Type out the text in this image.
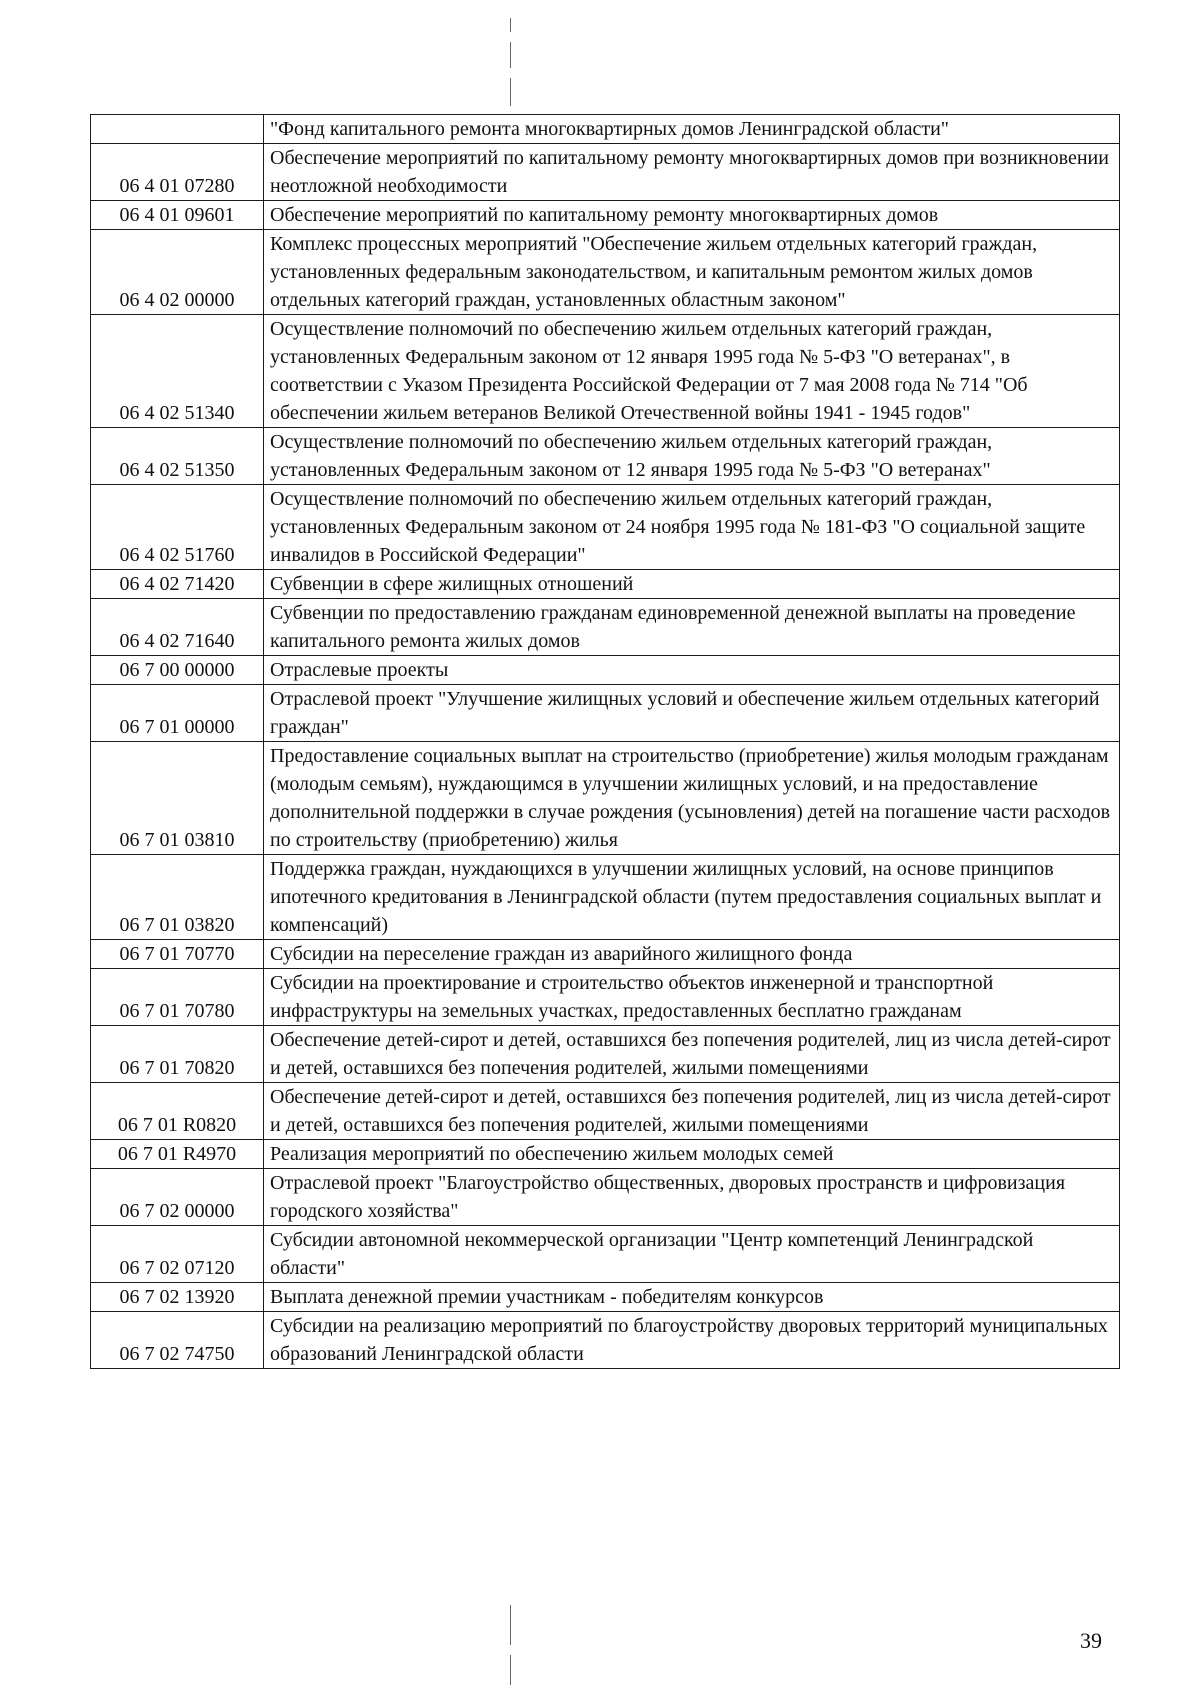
	"Фонд капитального ремонта многоквартирных домов Ленинградской области"
06 4 01 07280	Обеспечение мероприятий по капитальному ремонту многоквартирных домов при возникновении неотложной необходимости
06 4 01 09601	Обеспечение мероприятий по капитальному ремонту многоквартирных домов
06 4 02 00000	Комплекс процессных мероприятий "Обеспечение жильем отдельных категорий граждан, установленных федеральным законодательством, и капитальным ремонтом жилых домов отдельных категорий граждан, установленных областным законом"
06 4 02 51340	Осуществление полномочий по обеспечению жильем отдельных категорий граждан, установленных Федеральным законом от 12 января 1995 года № 5-ФЗ "О ветеранах", в соответствии с Указом Президента Российской Федерации от 7 мая 2008 года № 714 "Об обеспечении жильем ветеранов Великой Отечественной войны 1941 - 1945 годов"
06 4 02 51350	Осуществление полномочий по обеспечению жильем отдельных категорий граждан, установленных Федеральным законом от 12 января 1995 года № 5-ФЗ "О ветеранах"
06 4 02 51760	Осуществление полномочий по обеспечению жильем отдельных категорий граждан, установленных Федеральным законом от 24 ноября 1995 года № 181-ФЗ "О социальной защите инвалидов в Российской Федерации"
06 4 02 71420	Субвенции в сфере жилищных отношений
06 4 02 71640	Субвенции по предоставлению гражданам единовременной денежной выплаты на проведение капитального ремонта жилых домов
06 7 00 00000	Отраслевые проекты
06 7 01 00000	Отраслевой проект "Улучшение жилищных условий и обеспечение жильем отдельных категорий граждан"
06 7 01 03810	Предоставление социальных выплат на строительство (приобретение) жилья молодым гражданам (молодым семьям), нуждающимся в улучшении жилищных условий, и на предоставление дополнительной поддержки в случае рождения (усыновления) детей на погашение части расходов по строительству (приобретению) жилья
06 7 01 03820	Поддержка граждан, нуждающихся в улучшении жилищных условий, на основе принципов ипотечного кредитования в Ленинградской области (путем предоставления социальных выплат и компенсаций)
06 7 01 70770	Субсидии на переселение граждан из аварийного жилищного фонда
06 7 01 70780	Субсидии на проектирование и строительство объектов инженерной и транспортной инфраструктуры на земельных участках, предоставленных бесплатно гражданам
06 7 01 70820	Обеспечение детей-сирот и детей, оставшихся без попечения родителей, лиц из числа детей-сирот и детей, оставшихся без попечения родителей, жилыми помещениями
06 7 01 R0820	Обеспечение детей-сирот и детей, оставшихся без попечения родителей, лиц из числа детей-сирот и детей, оставшихся без попечения родителей, жилыми помещениями
06 7 01 R4970	Реализация мероприятий по обеспечению жильем молодых семей
06 7 02 00000	Отраслевой проект "Благоустройство общественных, дворовых пространств и цифровизация городского хозяйства"
06 7 02 07120	Субсидии автономной некоммерческой организации "Центр компетенций Ленинградской области"
06 7 02 13920	Выплата денежной премии участникам - победителям конкурсов
06 7 02 74750	Субсидии на реализацию мероприятий по благоустройству дворовых территорий муниципальных образований Ленинградской области
39
